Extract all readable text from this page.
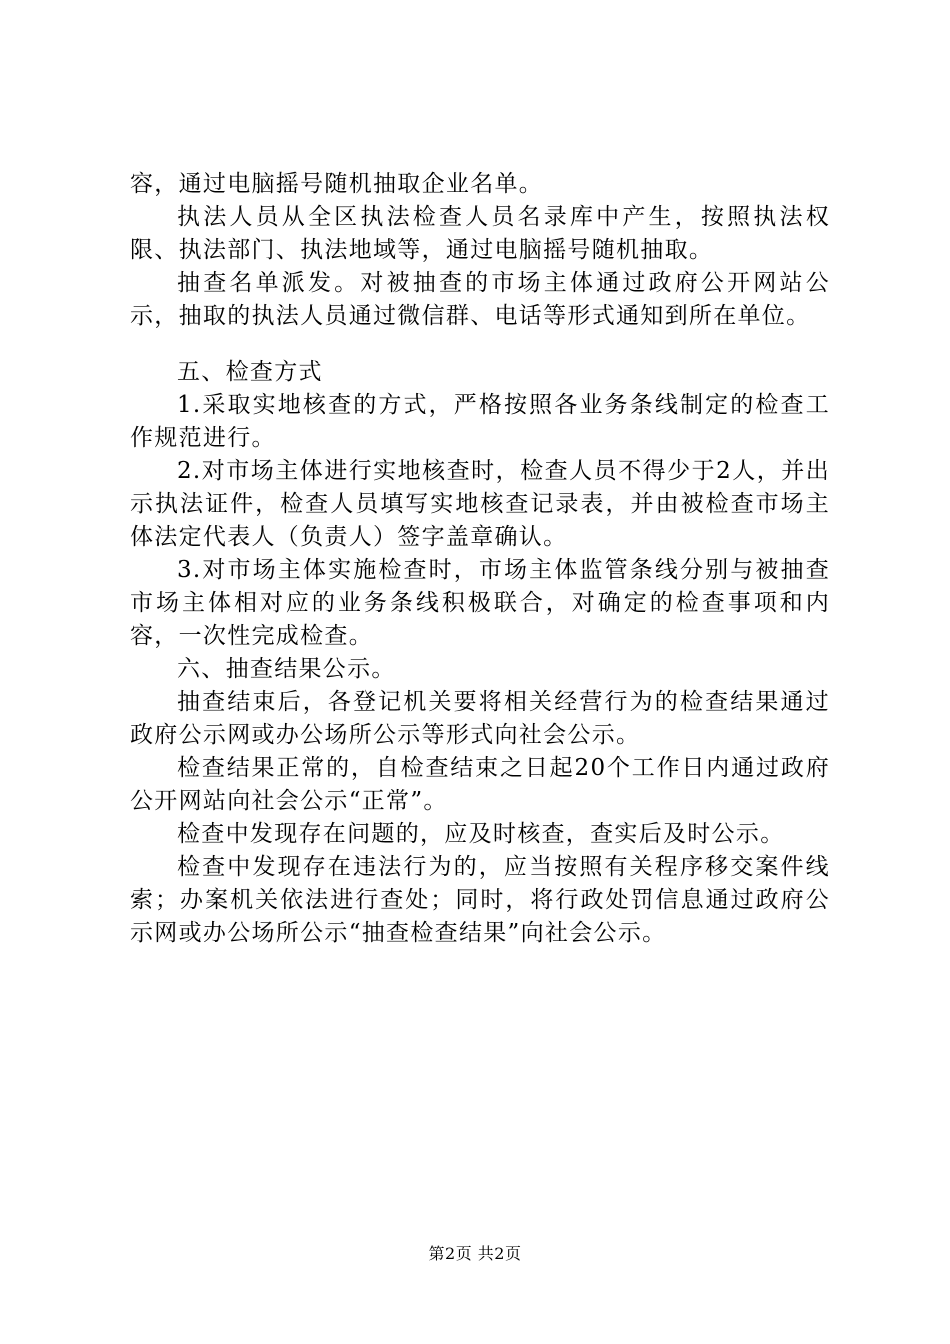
容，通过电脑摇号随机抽取企业名单。

执法人员从全区执法检查人员名录库中产生，按照执法权限、执法部门、执法地域等，通过电脑摇号随机抽取。

抽查名单派发。对被抽查的市场主体通过政府公开网站公示，抽取的执法人员通过微信群、电话等形式通知到所在单位。

五、检查方式

1.采取实地核查的方式，严格按照各业务条线制定的检查工作规范进行。

2.对市场主体进行实地核查时，检查人员不得少于2人，并出示执法证件，检查人员填写实地核查记录表，并由被检查市场主体法定代表人（负责人）签字盖章确认。

3.对市场主体实施检查时，市场主体监管条线分别与被抽查市场主体相对应的业务条线积极联合，对确定的检查事项和内容，一次性完成检查。

六、抽查结果公示。

抽查结束后，各登记机关要将相关经营行为的检查结果通过政府公示网或办公场所公示等形式向社会公示。

检查结果正常的，自检查结束之日起20个工作日内通过政府公开网站向社会公示“正常”。

检查中发现存在问题的，应及时核查，查实后及时公示。

检查中发现存在违法行为的，应当按照有关程序移交案件线索；办案机关依法进行查处；同时，将行政处罚信息通过政府公示网或办公场所公示“抽查检查结果”向社会公示。

第2页 共2页
